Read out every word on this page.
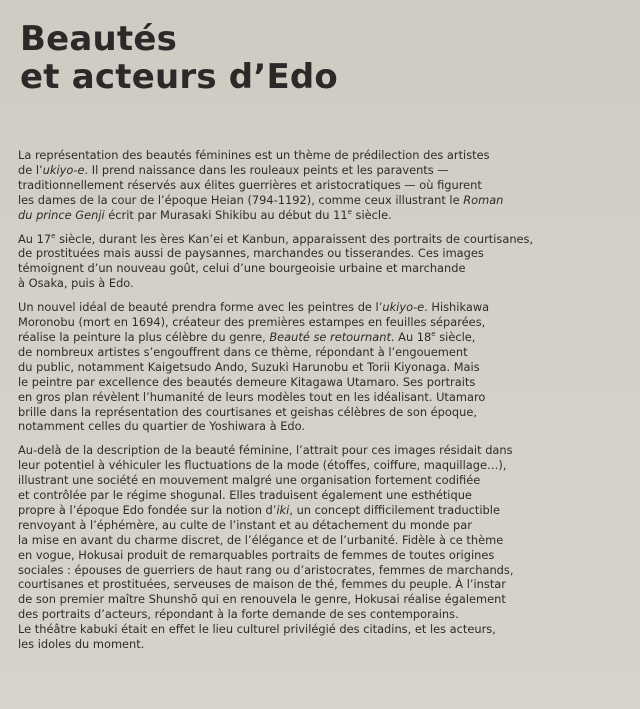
Beautés
et acteurs d’Edo
La représentation des beautés féminines est un thème de prédilection des artistes
de l’ukiyo-e. Il prend naissance dans les rouleaux peints et les paravents —
traditionnellement réservés aux élites guerrières et aristocratiques — où figurent
les dames de la cour de l’époque Heian (794-1192), comme ceux illustrant le Roman
du prince Genji écrit par Murasaki Shikibu au début du 11e siècle.
Au 17e siècle, durant les ères Kan’ei et Kanbun, apparaissent des portraits de courtisanes,
de prostituées mais aussi de paysannes, marchandes ou tisserandes. Ces images
témoignent d’un nouveau goût, celui d’une bourgeoisie urbaine et marchande
à Osaka, puis à Edo.
Un nouvel idéal de beauté prendra forme avec les peintres de l’ukiyo-e. Hishikawa
Moronobu (mort en 1694), créateur des premières estampes en feuilles séparées,
réalise la peinture la plus célèbre du genre, Beauté se retournant. Au 18e siècle,
de nombreux artistes s’engouffrent dans ce thème, répondant à l’engouement
du public, notamment Kaigetsudo Ando, Suzuki Harunobu et Torii Kiyonaga. Mais
le peintre par excellence des beautés demeure Kitagawa Utamaro. Ses portraits
en gros plan révèlent l’humanité de leurs modèles tout en les idéalisant. Utamaro
brille dans la représentation des courtisanes et geishas célèbres de son époque,
notamment celles du quartier de Yoshiwara à Edo.
Au-delà de la description de la beauté féminine, l’attrait pour ces images résidait dans
leur potentiel à véhiculer les fluctuations de la mode (étoffes, coiffure, maquillage…),
illustrant une société en mouvement malgré une organisation fortement codifiée
et contrôlée par le régime shogunal. Elles traduisent également une esthétique
propre à l’époque Edo fondée sur la notion d’iki, un concept difficilement traductible
renvoyant à l’éphémère, au culte de l’instant et au détachement du monde par
la mise en avant du charme discret, de l’élégance et de l’urbanité. Fidèle à ce thème
en vogue, Hokusai produit de remarquables portraits de femmes de toutes origines
sociales : épouses de guerriers de haut rang ou d’aristocrates, femmes de marchands,
courtisanes et prostituées, serveuses de maison de thé, femmes du peuple. À l’instar
de son premier maître Shunshō qui en renouvela le genre, Hokusai réalise également
des portraits d’acteurs, répondant à la forte demande de ses contemporains.
Le théâtre kabuki était en effet le lieu culturel privilégié des citadins, et les acteurs,
les idoles du moment.
